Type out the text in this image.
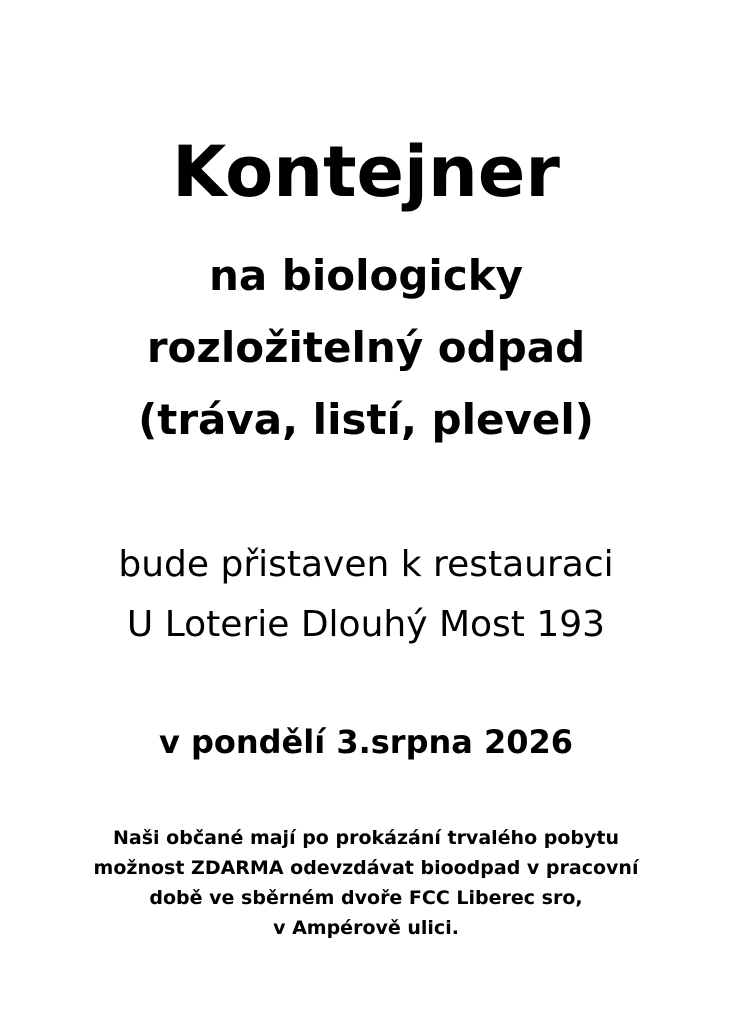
Kontejner
na biologicky
rozložitelný odpad
(tráva, listí, plevel)
bude přistaven k restauraci
U Loterie Dlouhý Most 193
v pondělí 3.srpna 2026
Naši občané mají po prokázání trvalého pobytu
možnost ZDARMA odevzdávat bioodpad v pracovní
době ve sběrném dvoře FCC Liberec sro,
v Ampérově ulici.
